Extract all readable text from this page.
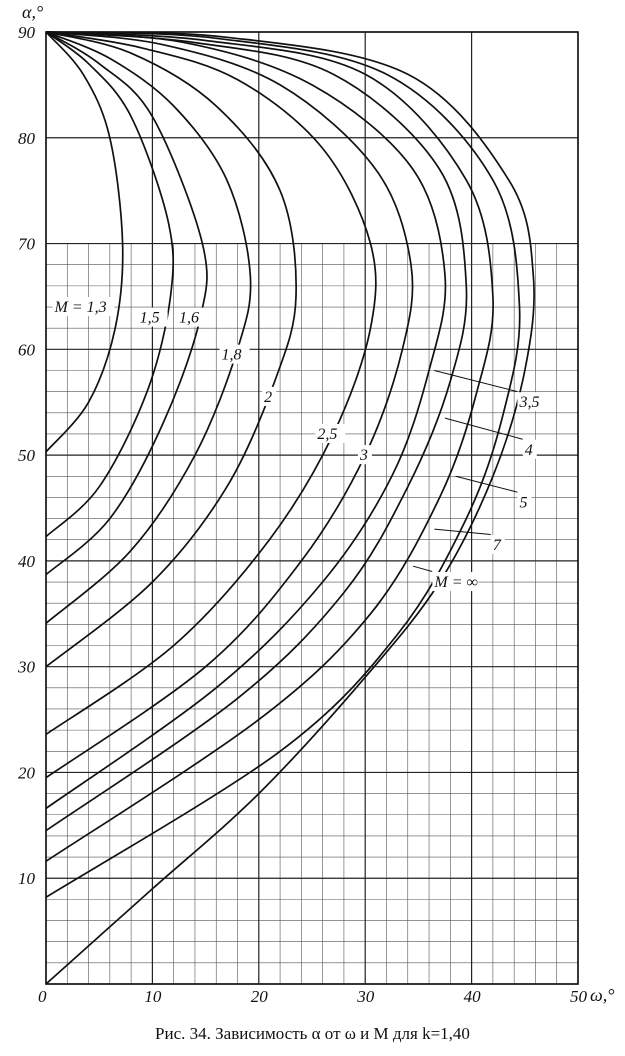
M = 1,3
1,5 1,6
1,8
2
2,5
3
3,5
4
5
7
M = ∞
0	10	20	30	40	50
10
20
30
40
50
60
70
80
90
α,°
ω,°
Рис. 34. Зависимость α от ω и М для k=1,40
